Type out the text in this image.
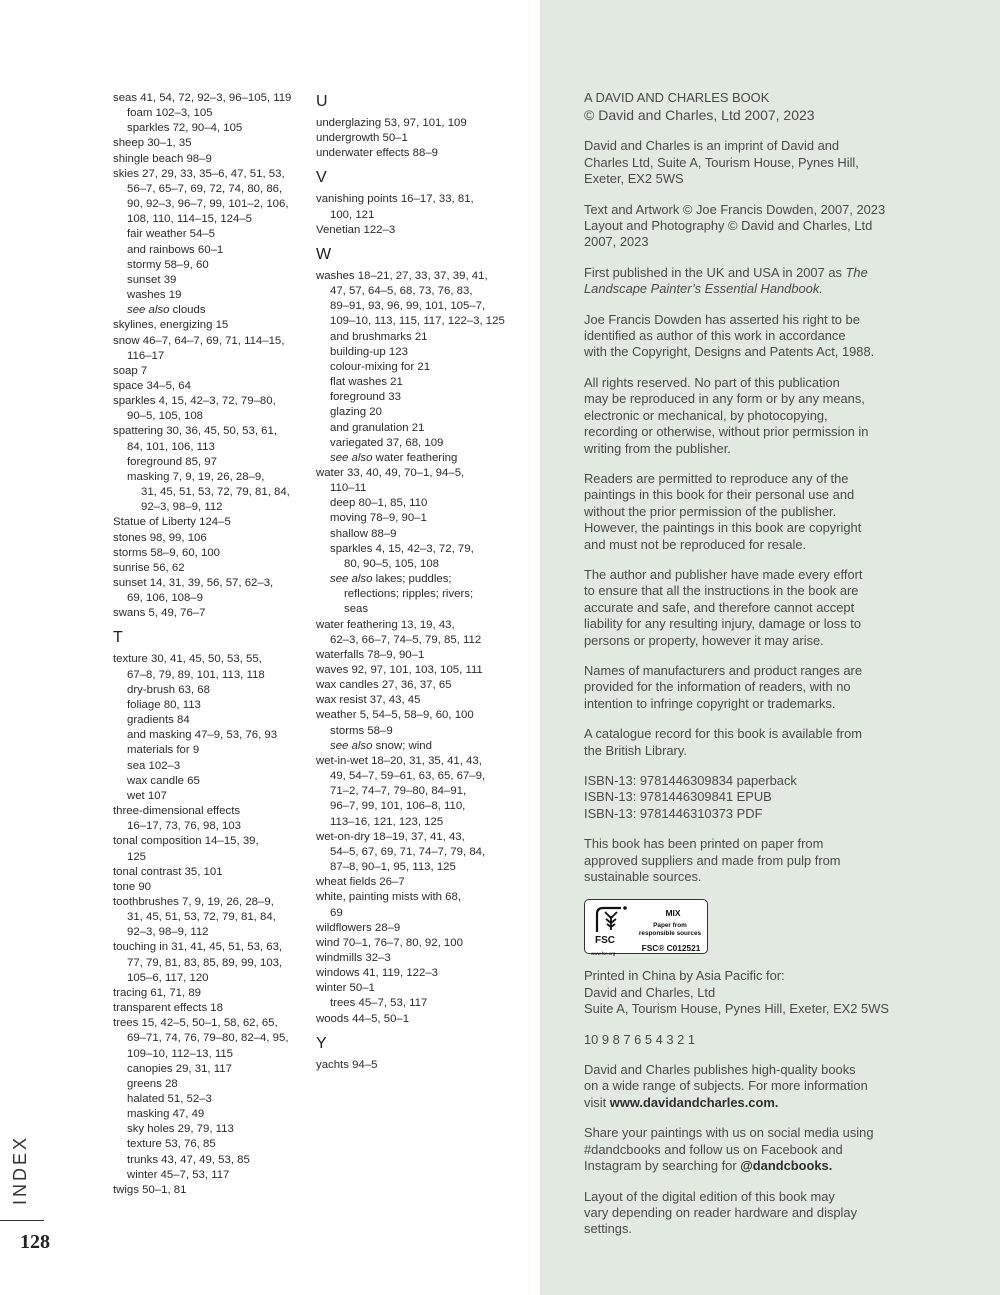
seas 41, 54, 72, 92–3, 96–105, 119
foam 102–3, 105
sparkles 72, 90–4, 105
sheep 30–1, 35
shingle beach 98–9
skies 27, 29, 33, 35–6, 47, 51, 53,
56–7, 65–7, 69, 72, 74, 80, 86,
90, 92–3, 96–7, 99, 101–2, 106,
108, 110, 114–15, 124–5
fair weather 54–5
and rainbows 60–1
stormy 58–9, 60
sunset 39
washes 19
see also clouds
skylines, energizing 15
snow 46–7, 64–7, 69, 71, 114–15,
116–17
soap 7
space 34–5, 64
sparkles 4, 15, 42–3, 72, 79–80,
90–5, 105, 108
spattering 30, 36, 45, 50, 53, 61,
84, 101, 106, 113
foreground 85, 97
masking 7, 9, 19, 26, 28–9,
31, 45, 51, 53, 72, 79, 81, 84,
92–3, 98–9, 112
Statue of Liberty 124–5
stones 98, 99, 106
storms 58–9, 60, 100
sunrise 56, 62
sunset 14, 31, 39, 56, 57, 62–3,
69, 106, 108–9
swans 5, 49, 76–7
T
texture 30, 41, 45, 50, 53, 55,
67–8, 79, 89, 101, 113, 118
dry-brush 63, 68
foliage 80, 113
gradients 84
and masking 47–9, 53, 76, 93
materials for 9
sea 102–3
wax candle 65
wet 107
three-dimensional effects
16–17, 73, 76, 98, 103
tonal composition 14–15, 39,
125
tonal contrast 35, 101
tone 90
toothbrushes 7, 9, 19, 26, 28–9,
31, 45, 51, 53, 72, 79, 81, 84,
92–3, 98–9, 112
touching in 31, 41, 45, 51, 53, 63,
77, 79, 81, 83, 85, 89, 99, 103,
105–6, 117, 120
tracing 61, 71, 89
transparent effects 18
trees 15, 42–5, 50–1, 58, 62, 65,
69–71, 74, 76, 79–80, 82–4, 95,
109–10, 112–13, 115
canopies 29, 31, 117
greens 28
halated 51, 52–3
masking 47, 49
sky holes 29, 79, 113
texture 53, 76, 85
trunks 43, 47, 49, 53, 85
winter 45–7, 53, 117
twigs 50–1, 81
U
underglazing 53, 97, 101, 109
undergrowth 50–1
underwater effects 88–9
V
vanishing points 16–17, 33, 81,
100, 121
Venetian 122–3
W
washes 18–21, 27, 33, 37, 39, 41,
47, 57, 64–5, 68, 73, 76, 83,
89–91, 93, 96, 99, 101, 105–7,
109–10, 113, 115, 117, 122–3, 125
and brushmarks 21
building-up 123
colour-mixing for 21
flat washes 21
foreground 33
glazing 20
and granulation 21
variegated 37, 68, 109
see also water feathering
water 33, 40, 49, 70–1, 94–5,
110–11
deep 80–1, 85, 110
moving 78–9, 90–1
shallow 88–9
sparkles 4, 15, 42–3, 72, 79,
80, 90–5, 105, 108
see also lakes; puddles;
reflections; ripples; rivers;
seas
water feathering 13, 19, 43,
62–3, 66–7, 74–5, 79, 85, 112
waterfalls 78–9, 90–1
waves 92, 97, 101, 103, 105, 111
wax candles 27, 36, 37, 65
wax resist 37, 43, 45
weather 5, 54–5, 58–9, 60, 100
storms 58–9
see also snow; wind
wet-in-wet 18–20, 31, 35, 41, 43,
49, 54–7, 59–61, 63, 65, 67–9,
71–2, 74–7, 79–80, 84–91,
96–7, 99, 101, 106–8, 110,
113–16, 121, 123, 125
wet-on-dry 18–19, 37, 41, 43,
54–5, 67, 69, 71, 74–7, 79, 84,
87–8, 90–1, 95, 113, 125
wheat fields 26–7
white, painting mists with 68,
69
wildflowers 28–9
wind 70–1, 76–7, 80, 92, 100
windmills 32–3
windows 41, 119, 122–3
winter 50–1
trees 45–7, 53, 117
woods 44–5, 50–1
Y
yachts 94–5

A DAVID AND CHARLES BOOK
© David and Charles, Ltd 2007, 2023

David and Charles is an imprint of David and
Charles Ltd, Suite A, Tourism House, Pynes Hill,
Exeter, EX2 5WS

Text and Artwork © Joe Francis Dowden, 2007, 2023
Layout and Photography © David and Charles, Ltd
2007, 2023

First published in the UK and USA in 2007 as The
Landscape Painter’s Essential Handbook.

Joe Francis Dowden has asserted his right to be
identified as author of this work in accordance
with the Copyright, Designs and Patents Act, 1988.

All rights reserved. No part of this publication
may be reproduced in any form or by any means,
electronic or mechanical, by photocopying,
recording or otherwise, without prior permission in
writing from the publisher.

Readers are permitted to reproduce any of the
paintings in this book for their personal use and
without the prior permission of the publisher.
However, the paintings in this book are copyright
and must not be reproduced for resale.

The author and publisher have made every effort
to ensure that all the instructions in the book are
accurate and safe, and therefore cannot accept
liability for any resulting injury, damage or loss to
persons or property, however it may arise.

Names of manufacturers and product ranges are
provided for the information of readers, with no
intention to infringe copyright or trademarks.

A catalogue record for this book is available from
the British Library.

ISBN-13: 9781446309834 paperback
ISBN-13: 9781446309841 EPUB
ISBN-13: 9781446310373 PDF

This book has been printed on paper from
approved suppliers and made from pulp from
sustainable sources.

FSC
www.fsc.org
MIX
Paper from
responsible sources
FSC® C012521

Printed in China by Asia Pacific for:
David and Charles, Ltd
Suite A, Tourism House, Pynes Hill, Exeter, EX2 5WS

10 9 8 7 6 5 4 3 2 1

David and Charles publishes high-quality books
on a wide range of subjects. For more information
visit www.davidandcharles.com.

Share your paintings with us on social media using
#dandcbooks and follow us on Facebook and
Instagram by searching for @dandcbooks.

Layout of the digital edition of this book may
vary depending on reader hardware and display
settings.

INDEX
128
